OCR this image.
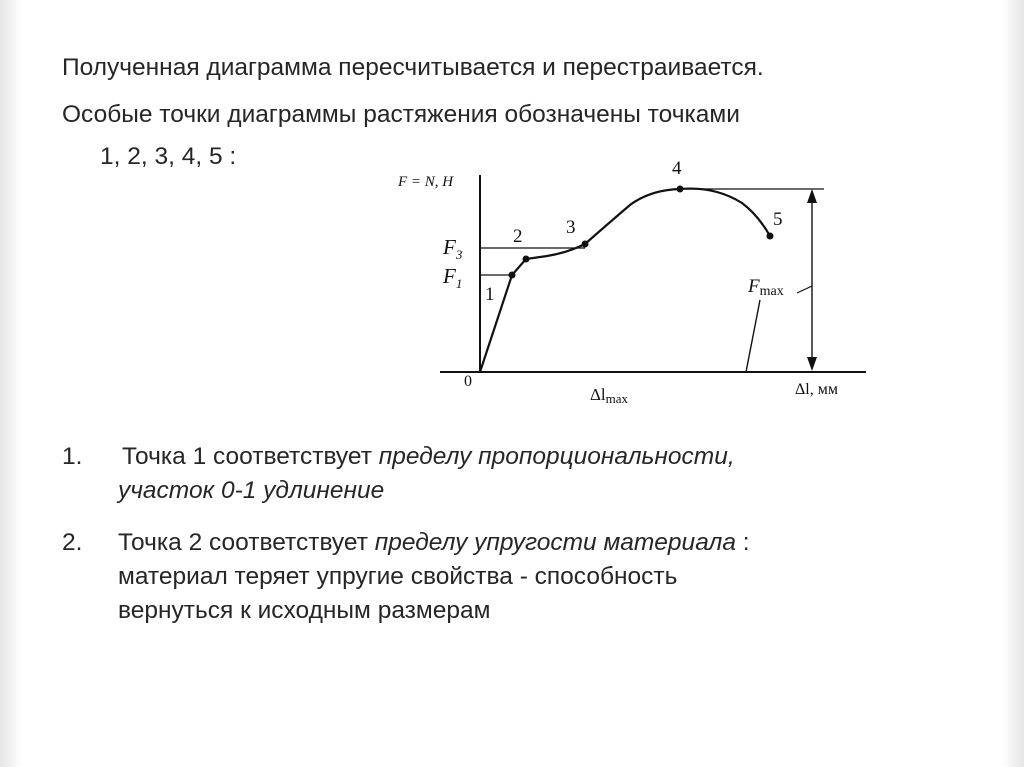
Полученная диаграмма пересчитывается и перестраивается.
Особые точки диаграммы растяжения обозначены точками
1, 2, 3, 4, 5 :
F = N, Н
Δl, мм
0
$F_3$
$F_1$	Fmax
Δlmax
1
2 3
4
5
1. Точка 1 соответствует пределу пропорциональности,
участок 0-1 удлинение
2. Точка 2 соответствует пределу упругости материала :
материал теряет упругие свойства - способность
вернуться к исходным размерам
